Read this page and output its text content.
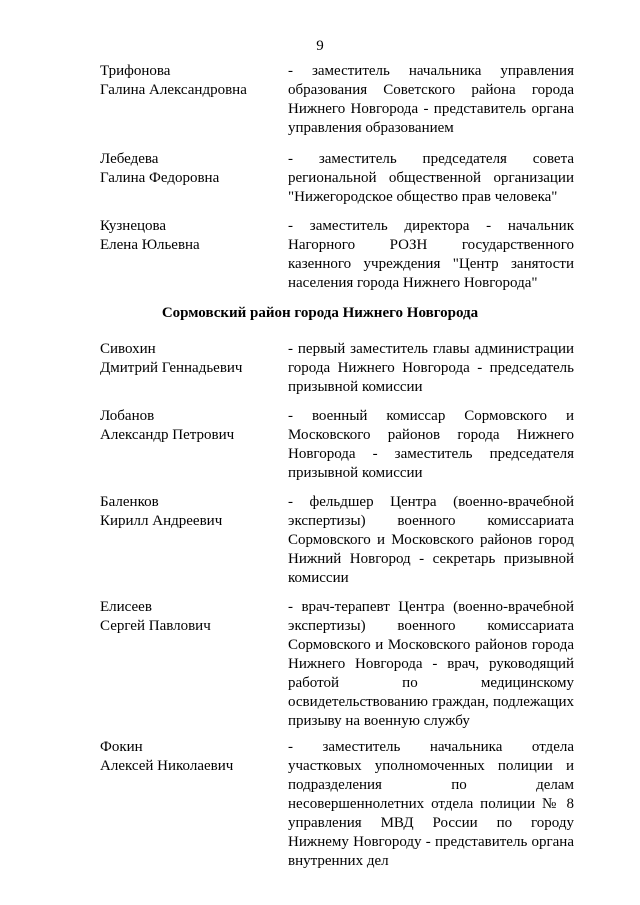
9
Трифонова
Галина Александровна
- заместитель начальника управления образования Советского района города Нижнего Новгорода - представитель органа управления образованием
Лебедева
Галина Федоровна
- заместитель председателя совета региональной общественной организации "Нижегородское общество прав человека"
Кузнецова
Елена Юльевна
- заместитель директора - начальник Нагорного РОЗН государственного казенного учреждения "Центр занятости населения города Нижнего Новгорода"
Сормовский район города Нижнего Новгорода
Сивохин
Дмитрий Геннадьевич
- первый заместитель главы администрации города Нижнего Новгорода - председатель призывной комиссии
Лобанов
Александр Петрович
- военный комиссар Сормовского и Московского районов города Нижнего Новгорода - заместитель председателя призывной комиссии
Баленков
Кирилл Андреевич
- фельдшер Центра (военно-врачебной экспертизы) военного комиссариата Сормовского и Московского районов город Нижний Новгород - секретарь призывной комиссии
Елисеев
Сергей Павлович
- врач-терапевт Центра (военно-врачебной экспертизы) военного комиссариата Сормовского и Московского районов города Нижнего Новгорода - врач, руководящий работой по медицинскому освидетельствованию граждан, подлежащих призыву на военную службу
Фокин
Алексей Николаевич
- заместитель начальника отдела участковых уполномоченных полиции и подразделения по делам несовершеннолетних отдела полиции № 8 управления МВД России по городу Нижнему Новгороду - представитель органа внутренних дел
